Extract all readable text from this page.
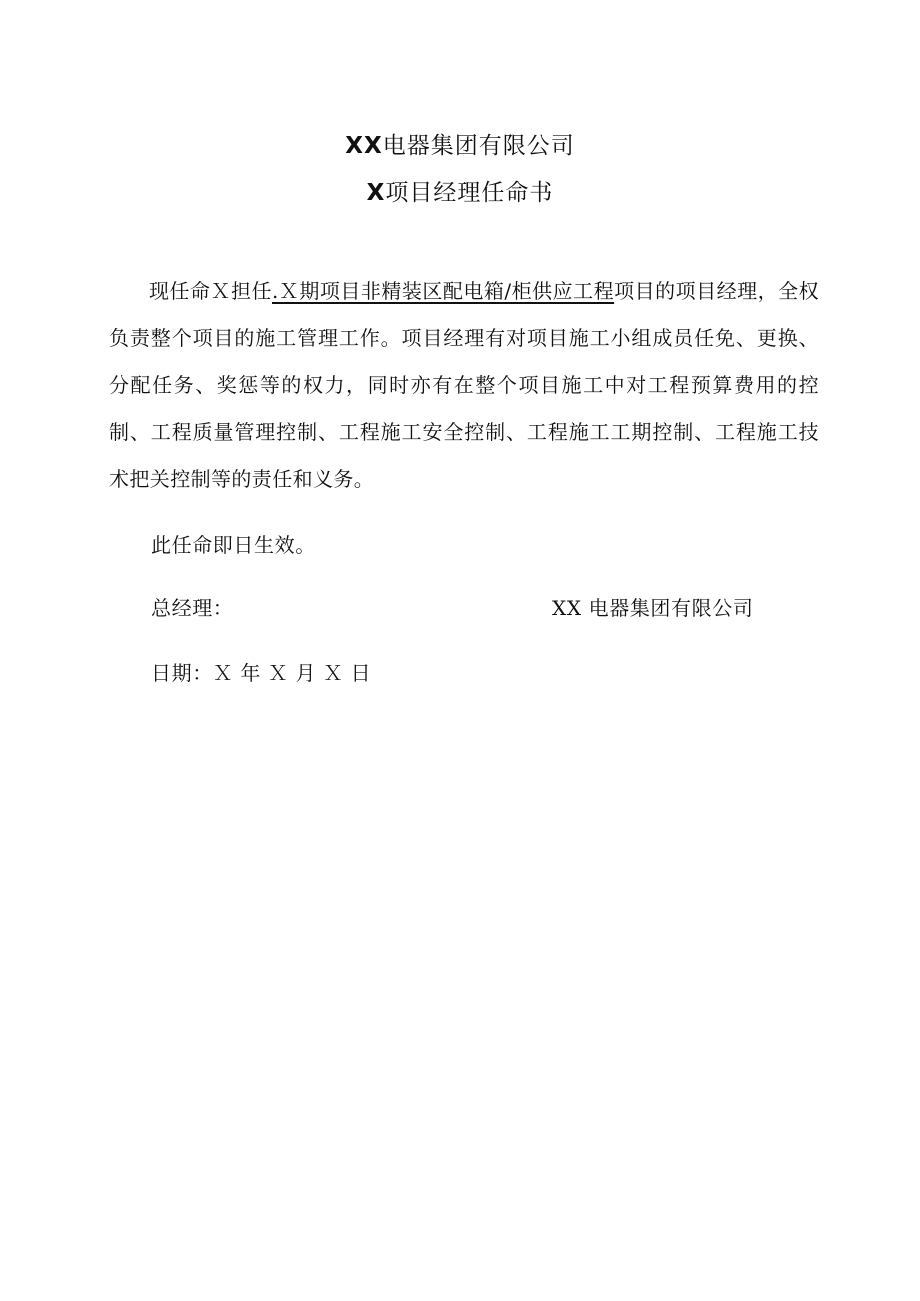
XX电器集团有限公司
X项目经理任命书

现任命Ｘ担任.Ｘ期项目非精装区配电箱/柜供应工程项目的项目经理，全权负责整个项目的施工管理工作。项目经理有对项目施工小组成员任免、更换、分配任务、奖惩等的权力，同时亦有在整个项目施工中对工程预算费用的控制、工程质量管理控制、工程施工安全控制、工程施工工期控制、工程施工技术把关控制等的责任和义务。

此任命即日生效。
总经理：	XX 电器集团有限公司
日期：Ｘ 年 Ｘ 月 Ｘ 日
